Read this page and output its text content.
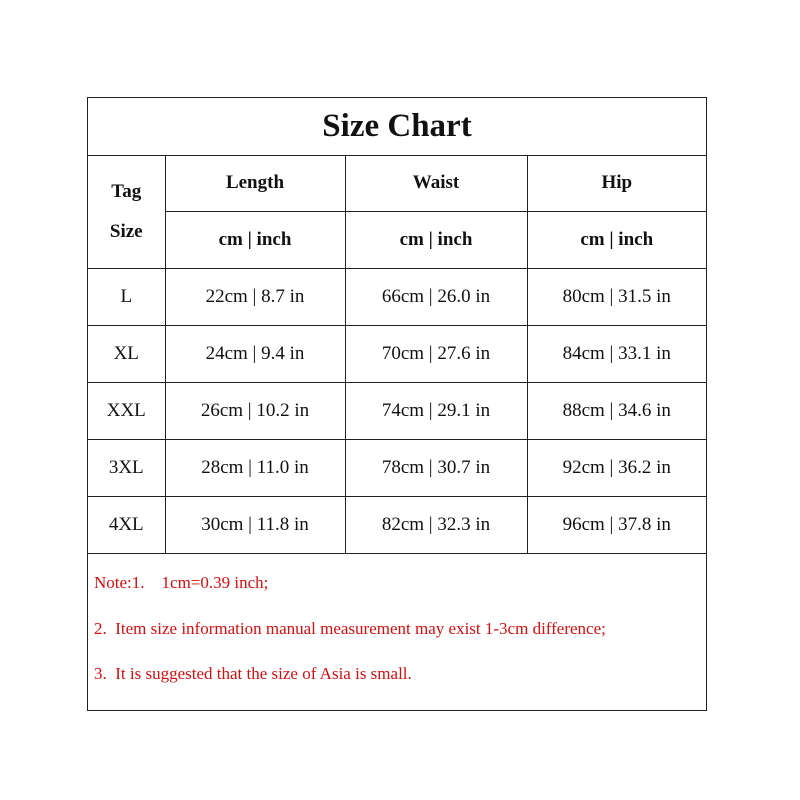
Size Chart
Tag
Size	Length	Waist	Hip
	cm | inch	cm | inch	cm | inch
L	22cm | 8.7 in	66cm | 26.0 in	80cm | 31.5 in
XL	24cm | 9.4 in	70cm | 27.6 in	84cm | 33.1 in
XXL	26cm | 10.2 in	74cm | 29.1 in	88cm | 34.6 in
3XL	28cm | 11.0 in	78cm | 30.7 in	92cm | 36.2 in
4XL	30cm | 11.8 in	82cm | 32.3 in	96cm | 37.8 in
Note:1.    1cm=0.39 inch;
2.  Item size information manual measurement may exist 1-3cm difference;
3.  It is suggested that the size of Asia is small.
